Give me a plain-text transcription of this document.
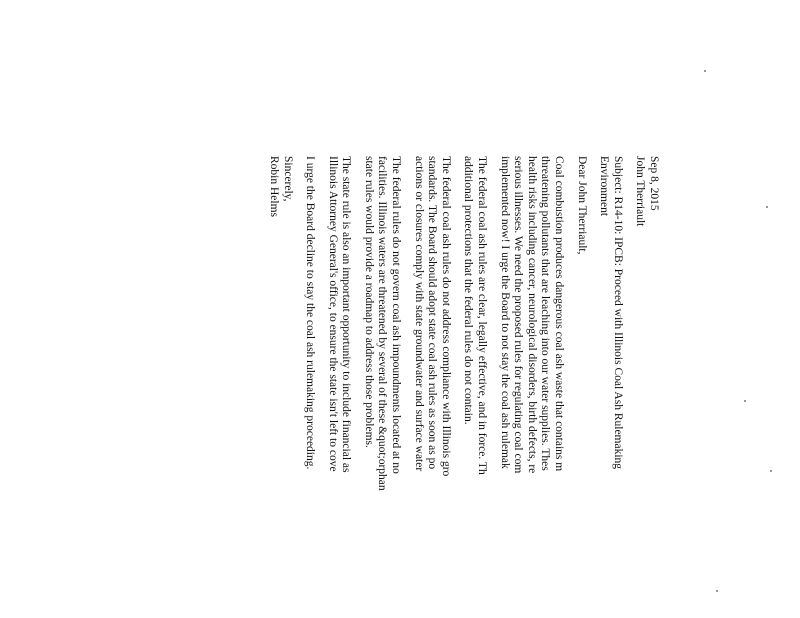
Sep 8, 2015

John Therriault

Subject: R14-10: IPCB: Proceed with Illinois Coal Ash Rulemaking

Environment

Dear John Therriault,

Coal combustion produces dangerous coal ash waste that contains m

threatening pollutants that are leaching into our water supplies. Thes

health risks including cancer, neurological disorders, birth defects, re

serious illnesses. We need the proposed rules for regulating coal com

implemented now! I urge the Board to not stay the coal ash rulemak

The federal coal ash rules are clear, legally effective, and in force. Th

additional protections that the federal rules do not contain.

The federal coal ash rules do not address compliance with Illinois gro

standards. The Board should adopt state coal ash rules as soon as po

actions or closures comply with state groundwater and surface water

The federal rules do not govern coal ash impoundments located at no

facilities. Illinois waters are threatened by several of these &quot;orphan

state rules would provide a roadmap to address those problems.

The state rule is also an important opportunity to include financial as

Illinois Attorney General's office, to ensure the state isn't left to cove

I urge the Board decline to stay the coal ash rulemaking proceeding.

Sincerely,

Robin Helms
